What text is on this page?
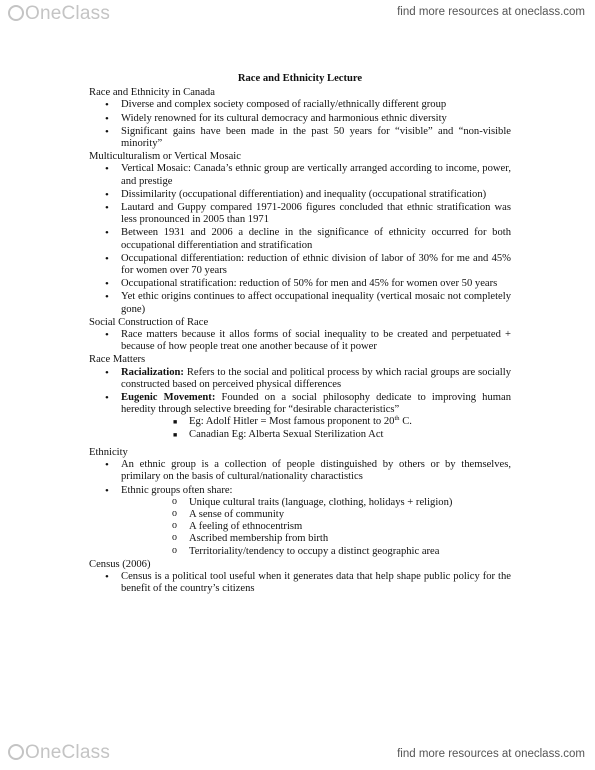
OneClass	find more resources at oneclass.com
Race and Ethnicity Lecture
Race and Ethnicity in Canada
• Diverse and complex society composed of racially/ethnically different group
• Widely renowned for its cultural democracy and harmonious ethnic diversity
• Significant gains have been made in the past 50 years for “visible” and “non-visible minority”
Multiculturalism or Vertical Mosaic
• Vertical Mosaic: Canada’s ethnic group are vertically arranged according to income, power, and prestige
• Dissimilarity (occupational differentiation) and inequality (occupational stratification)
• Lautard and Guppy compared 1971-2006 figures concluded that ethnic stratification was less pronounced in 2005 than 1971
• Between 1931 and 2006 a decline in the significance of ethnicity occurred for both occupational differentiation and stratification
• Occupational differentiation: reduction of ethnic division of labor of 30% for me and 45% for women over 70 years
• Occupational stratification: reduction of 50% for men and 45% for women over 50 years
• Yet ethic origins continues to affect occupational inequality (vertical mosaic not completely gone)
Social Construction of Race
• Race matters because it allos forms of social inequality to be created and perpetuated + because of how people treat one another because of it power
Race Matters
• Racialization: Refers to the social and political process by which racial groups are socially constructed based on perceived physical differences
• Eugenic Movement: Founded on a social philosophy dedicate to improving human heredity through selective breeding for “desirable characteristics”
■ Eg: Adolf Hitler = Most famous proponent to 20th C.
■ Canadian Eg: Alberta Sexual Sterilization Act
Ethnicity
• An ethnic group is a collection of people distinguished by others or by themselves, primilary on the basis of cultural/nationality charactistics
• Ethnic groups often share:
o Unique cultural traits (language, clothing, holidays + religion)
o A sense of community
o A feeling of ethnocentrism
o Ascribed membership from birth
o Territoriality/tendency to occupy a distinct geographic area
Census (2006)
• Census is a political tool useful when it generates data that help shape public policy for the benefit of the country’s citizens
OneClass	find more resources at oneclass.com
